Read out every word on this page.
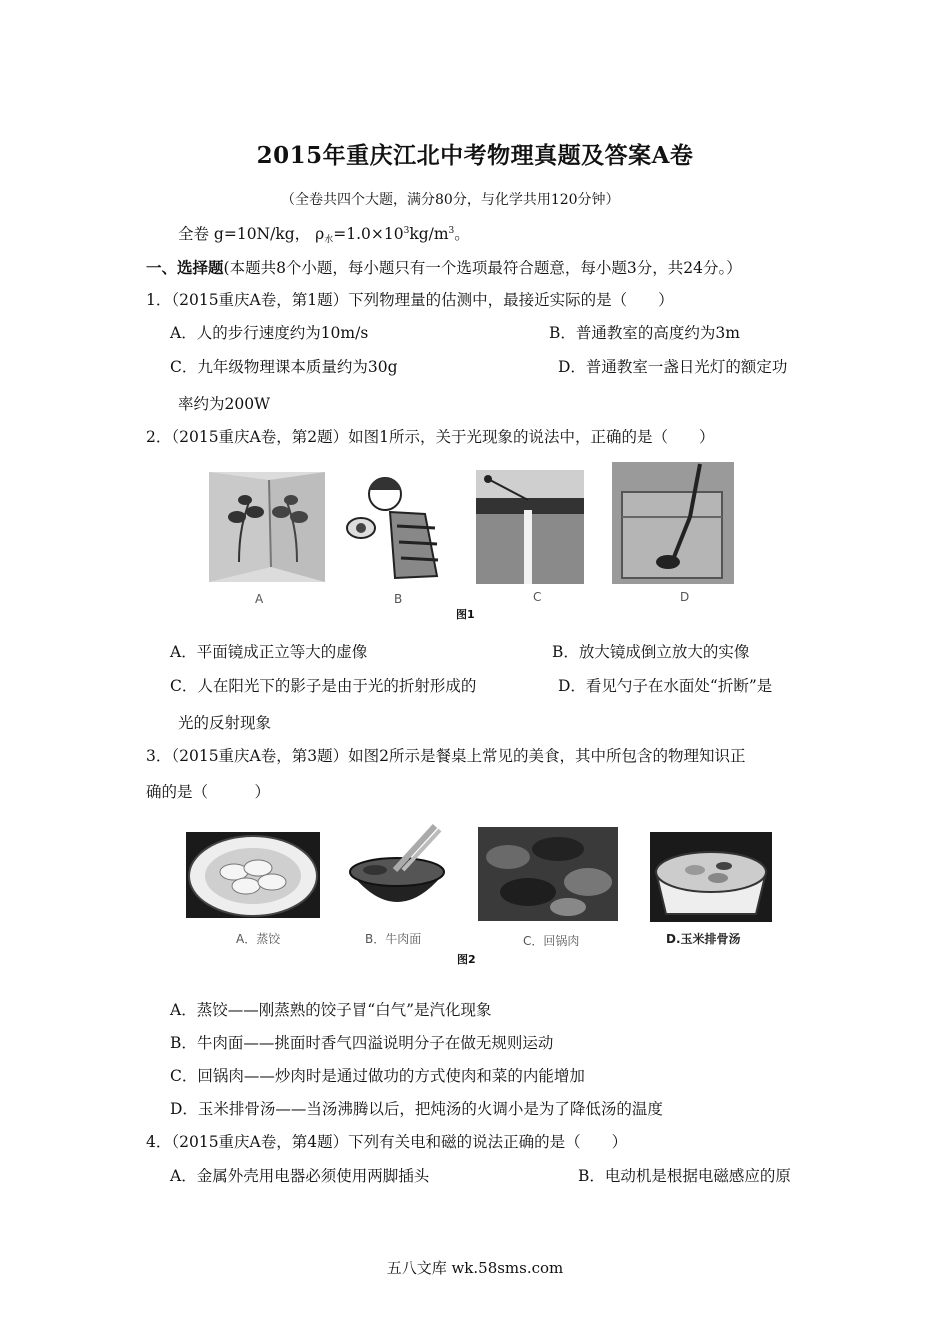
2015年重庆江北中考物理真题及答案A卷
（全卷共四个大题，满分80分，与化学共用120分钟）
全卷 g=10N/kg， ρ水$=1.0\times 10^3kg/m^3$。
一、选择题(本题共8个小题，每小题只有一个选项最符合题意，每小题3分，共24分。）
1．（2015重庆A卷，第1题）下列物理量的估测中，最接近实际的是（　　）
A．人的步行速度约为10m/s	B．普通教室的高度约为3m
C．九年级物理课本质量约为30g	D．普通教室一盏日光灯的额定功
率约为200W
2．（2015重庆A卷，第2题）如图1所示，关于光现象的说法中，正确的是（　　）
A	B	C	D
图1
A．平面镜成正立等大的虚像	B．放大镜成倒立放大的实像
C．人在阳光下的影子是由于光的折射形成的	D．看见勺子在水面处“折断”是
光的反射现象
3．（2015重庆A卷，第3题）如图2所示是餐桌上常见的美食，其中所包含的物理知识正
确的是（　　　）
A．蒸饺	B．牛肉面	C．回锅肉	D.玉米排骨汤
图2
A．蒸饺——刚蒸熟的饺子冒“白气”是汽化现象
B．牛肉面——挑面时香气四溢说明分子在做无规则运动
C．回锅肉——炒肉时是通过做功的方式使肉和菜的内能增加
D．玉米排骨汤——当汤沸腾以后，把炖汤的火调小是为了降低汤的温度
4．（2015重庆A卷，第4题）下列有关电和磁的说法正确的是（　　）
A．金属外壳用电器必须使用两脚插头	B．电动机是根据电磁感应的原
五八文库 wk.58sms.com
